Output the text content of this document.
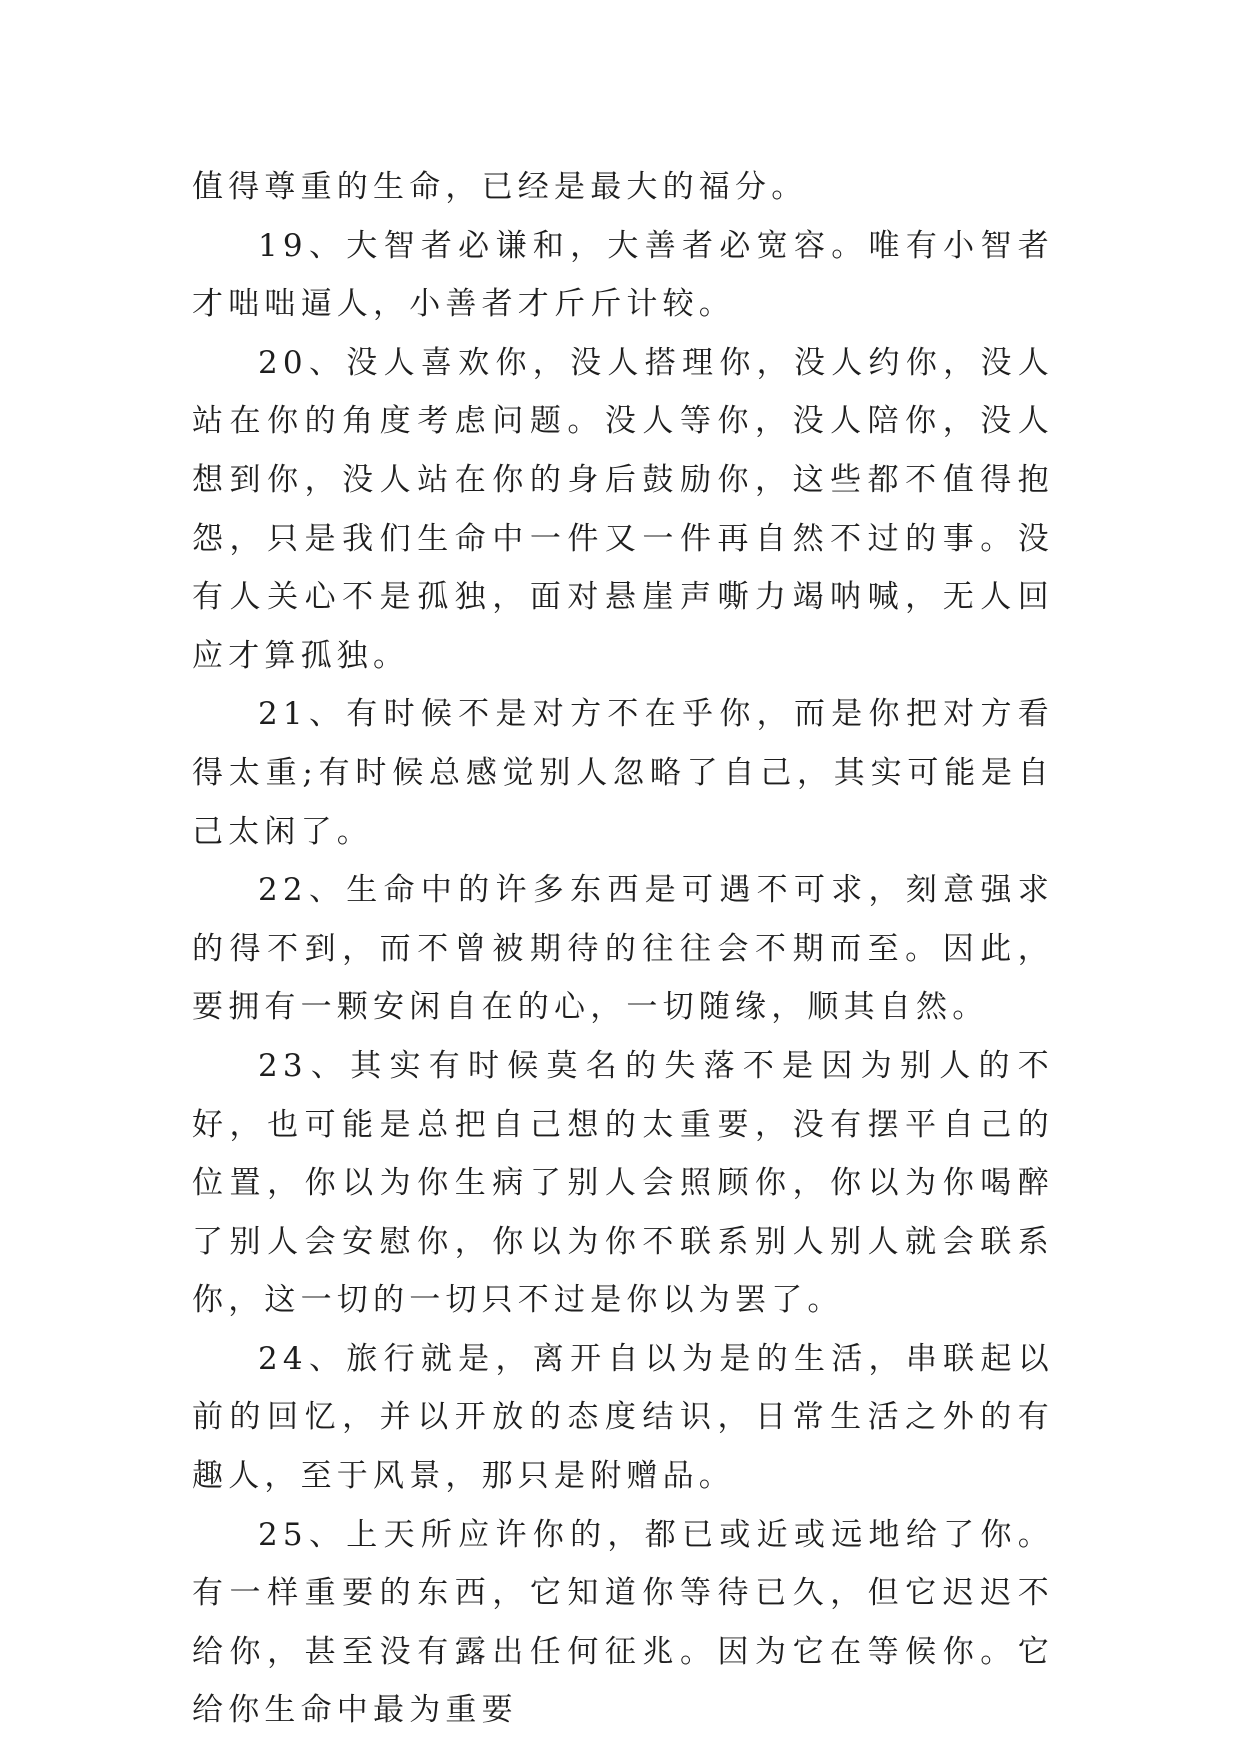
值得尊重的生命，已经是最大的福分。

19、大智者必谦和，大善者必宽容。唯有小智者才咄咄逼人，小善者才斤斤计较。

20、没人喜欢你，没人搭理你，没人约你，没人站在你的角度考虑问题。没人等你，没人陪你，没人想到你，没人站在你的身后鼓励你，这些都不值得抱怨，只是我们生命中一件又一件再自然不过的事。没有人关心不是孤独，面对悬崖声嘶力竭呐喊，无人回应才算孤独。

21、有时候不是对方不在乎你，而是你把对方看得太重;有时候总感觉别人忽略了自己，其实可能是自己太闲了。

22、生命中的许多东西是可遇不可求，刻意强求的得不到，而不曾被期待的往往会不期而至。因此，要拥有一颗安闲自在的心，一切随缘，顺其自然。

23、其实有时候莫名的失落不是因为别人的不好，也可能是总把自己想的太重要，没有摆平自己的位置，你以为你生病了别人会照顾你，你以为你喝醉了别人会安慰你，你以为你不联系别人别人就会联系你，这一切的一切只不过是你以为罢了。

24、旅行就是，离开自以为是的生活，串联起以前的回忆，并以开放的态度结识，日常生活之外的有趣人，至于风景，那只是附赠品。

25、上天所应许你的，都已或近或远地给了你。有一样重要的东西，它知道你等待已久，但它迟迟不给你，甚至没有露出任何征兆。因为它在等候你。它给你生命中最为重要
